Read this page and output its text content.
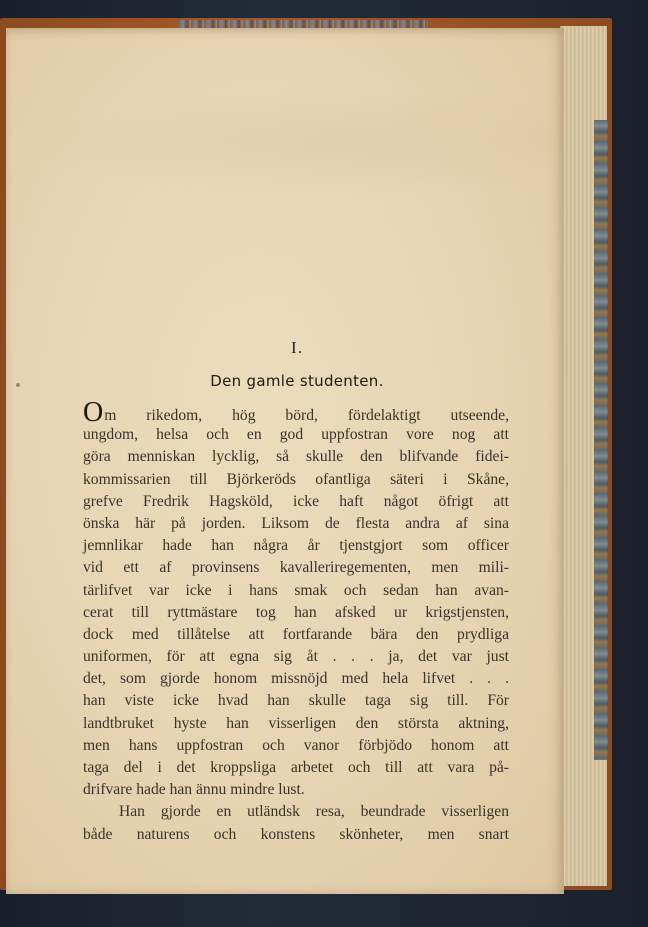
I.
Den gamle studenten.
Om rikedom, hög börd, fördelaktigt utseende,
ungdom, helsa och en god uppfostran vore nog att
göra menniskan lycklig, så skulle den blifvande fidei-
kommissarien till Björkeröds ofantliga säteri i Skåne,
grefve Fredrik Hagsköld, icke haft något öfrigt att
önska här på jorden. Liksom de flesta andra af sina
jemnlikar hade han några år tjenstgjort som officer
vid ett af provinsens kavalleriregementen, men mili-
tärlifvet var icke i hans smak och sedan han avan-
cerat till ryttmästare tog han afsked ur krigstjensten,
dock med tillåtelse att fortfarande bära den prydliga
uniformen, för att egna sig åt . . . ja, det var just
det, som gjorde honom missnöjd med hela lifvet . . .
han viste icke hvad han skulle taga sig till. För
landtbruket hyste han visserligen den största aktning,
men hans uppfostran och vanor förbjödo honom att
taga del i det kroppsliga arbetet och till att vara på-
drifvare hade han ännu mindre lust.
Han gjorde en utländsk resa, beundrade visserligen
både naturens och konstens skönheter, men snart
